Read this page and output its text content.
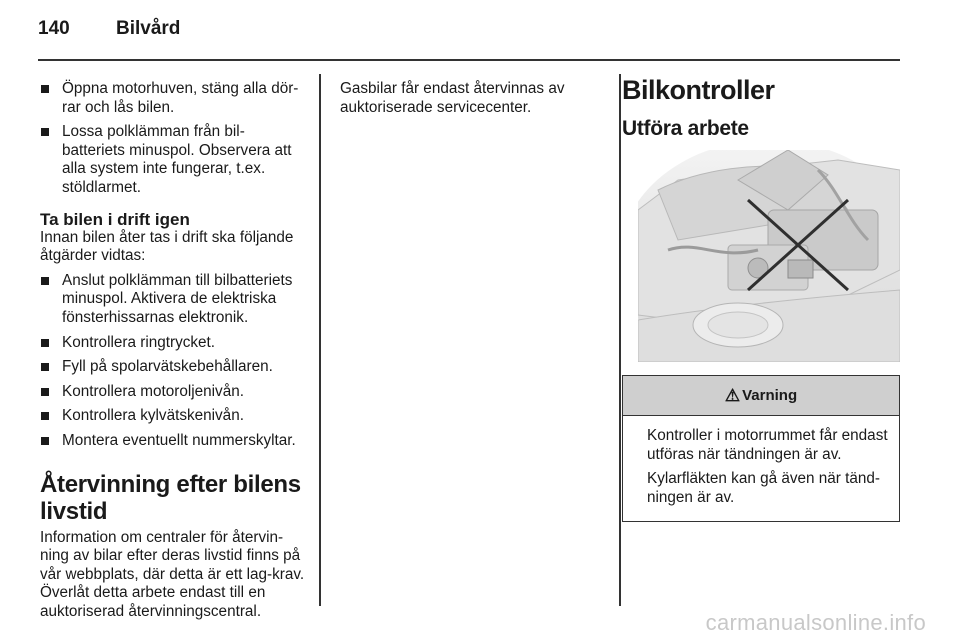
140 Bilvård
Öppna motorhuven, stäng alla dör-rar och lås bilen.
Lossa polklämman från bil-batteriets minuspol. Observera att alla system inte fungerar, t.ex. stöldlarmet.
Ta bilen i drift igen

Innan bilen åter tas i drift ska följande åtgärder vidtas:

Anslut polklämman till bilbatteriets minuspol. Aktivera de elektriska fönsterhissarnas elektronik.
Kontrollera ringtrycket.
Fyll på spolarvätskebehållaren.
Kontrollera motoroljenivån.
Kontrollera kylvätskenivån.
Montera eventuellt nummerskyltar.
Återvinning efter bilens livstid

Information om centraler för återvin-ning av bilar efter deras livstid finns på vår webbplats, där detta är ett lag-krav. Överlåt detta arbete endast till en auktoriserad återvinningscentral.

Gasbilar får endast återvinnas av auktoriserade servicecenter.

Bilkontroller
Utföra arbete
⚠ Varning

Kontroller i motorrummet får endast utföras när tändningen är av.

Kylarfläkten kan gå även när tänd-ningen är av.

carmanualsonline.info
